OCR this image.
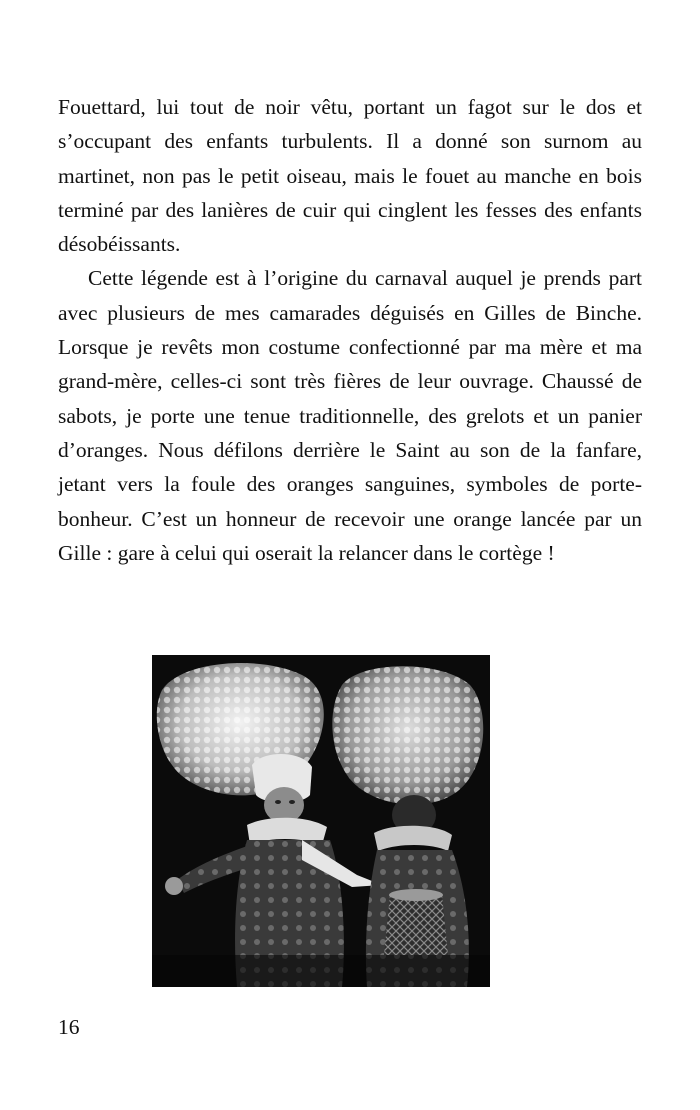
Fouettard, lui tout de noir vêtu, portant un fagot sur le dos et s’occupant des enfants turbulents. Il a donné son surnom au martinet, non pas le petit oiseau, mais le fouet au manche en bois terminé par des lanières de cuir qui cinglent les fesses des enfants désobéissants.

Cette légende est à l’origine du carnaval auquel je prends part avec plusieurs de mes camarades déguisés en Gilles de Binche. Lorsque je revêts mon costume confectionné par ma mère et ma grand-mère, celles-ci sont très fières de leur ouvrage. Chaussé de sabots, je porte une tenue traditionnelle, des grelots et un panier d’oranges. Nous défilons derrière le Saint au son de la fanfare, jetant vers la foule des oranges sanguines, symboles de porte-bonheur. C’est un honneur de recevoir une orange lancée par un Gille : gare à celui qui oserait la relancer dans le cortège !

16
